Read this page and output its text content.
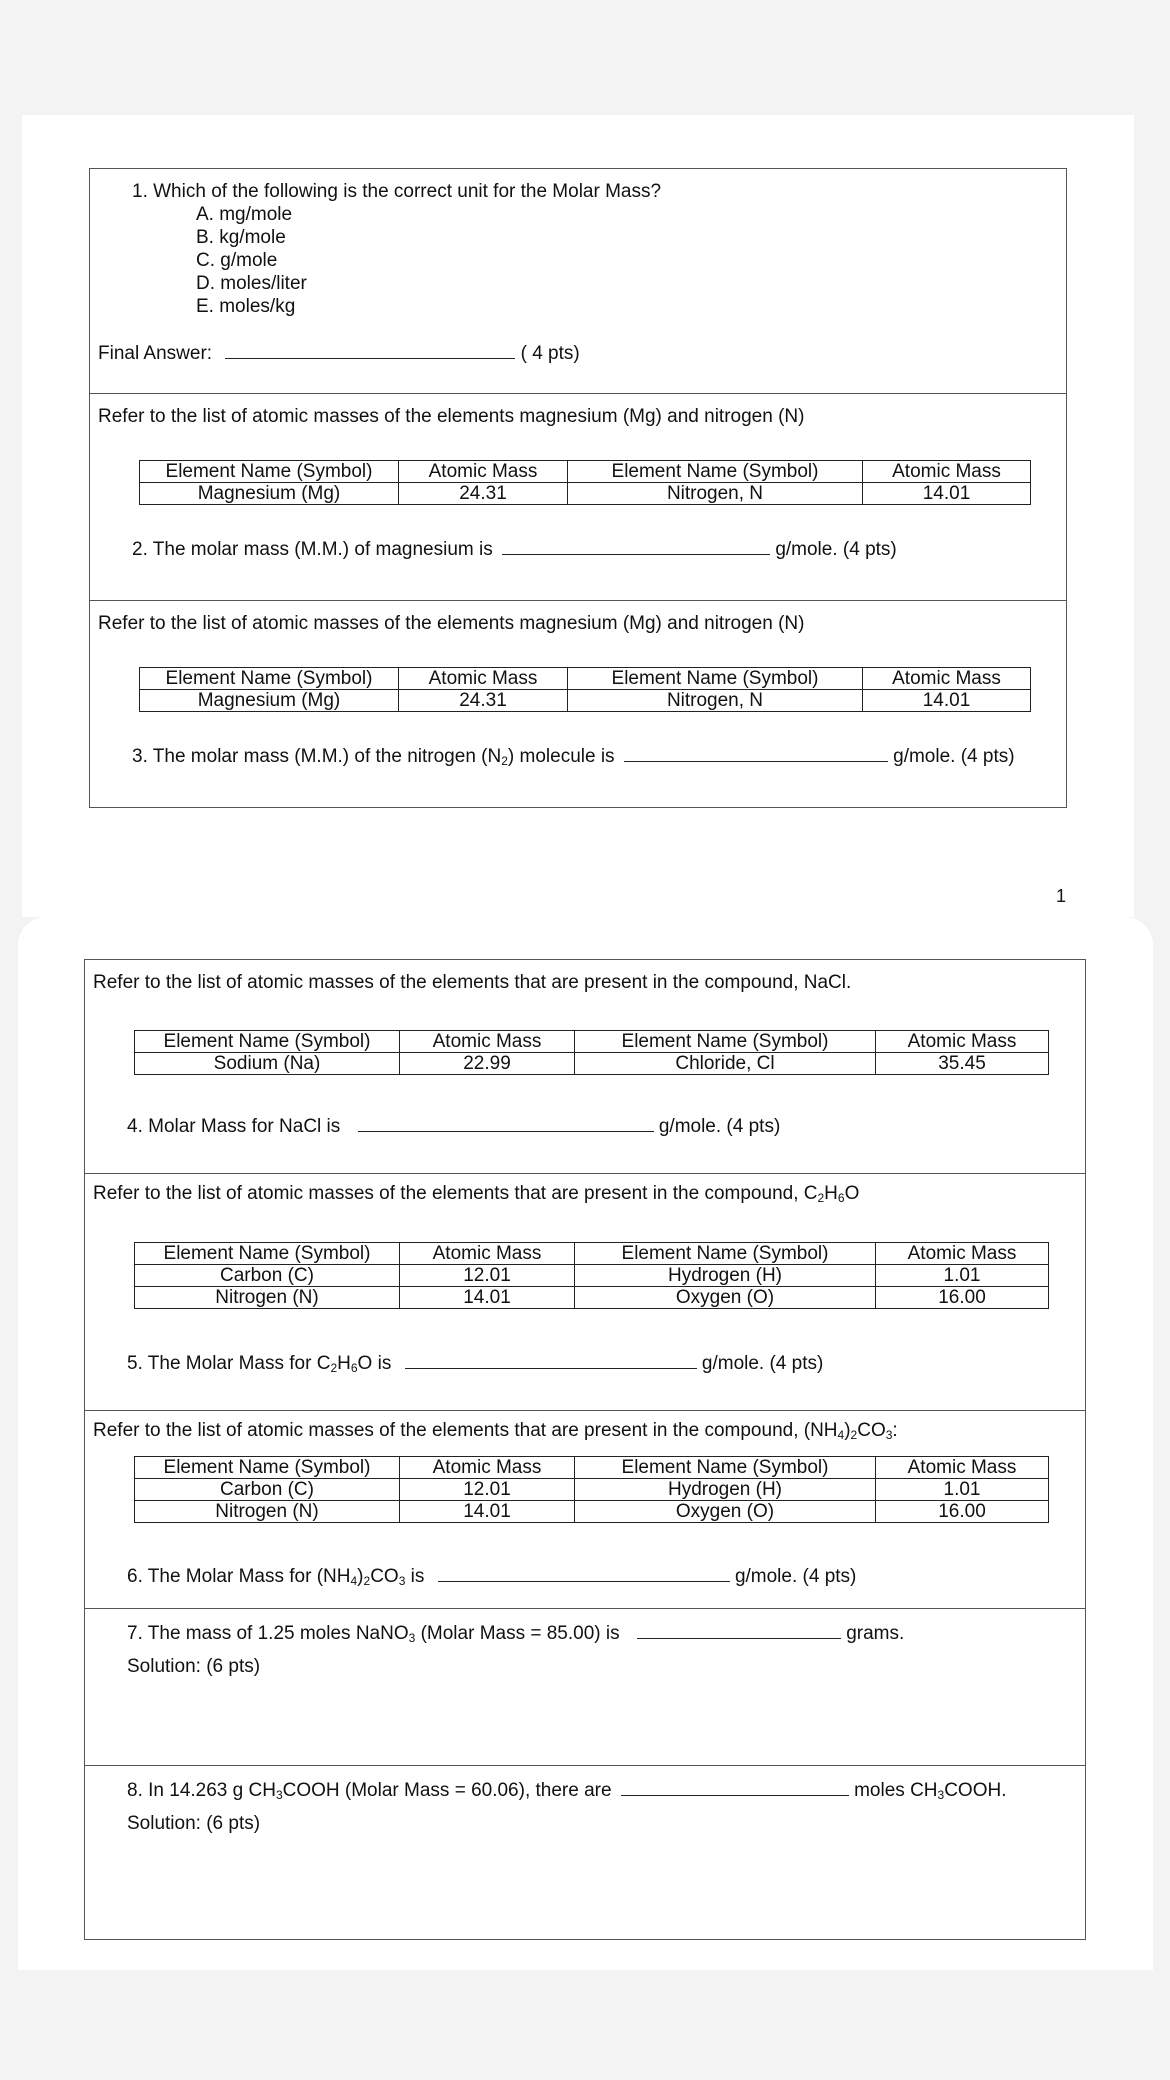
1. Which of the following is the correct unit for the Molar Mass?
A. mg/mole
B. kg/mole
C. g/mole
D. moles/liter
E. moles/kg
Final Answer:	( 4 pts)
Refer to the list of atomic masses of the elements magnesium (Mg) and nitrogen (N)
Element Name (Symbol)	Atomic Mass	Element Name (Symbol)	Atomic Mass
Magnesium (Mg)	24.31	Nitrogen, N	14.01
2. The molar mass (M.M.) of magnesium is	g/mole. (4 pts)
Refer to the list of atomic masses of the elements magnesium (Mg) and nitrogen (N)
Element Name (Symbol)	Atomic Mass	Element Name (Symbol)	Atomic Mass
Magnesium (Mg)	24.31	Nitrogen, N	14.01
3. The molar mass (M.M.) of the nitrogen $(N_2)$ molecule is	g/mole. (4 pts)
1
Refer to the list of atomic masses of the elements that are present in the compound, NaCl.
Element Name (Symbol)	Atomic Mass	Element Name (Symbol)	Atomic Mass
Sodium (Na)	22.99	Chloride, Cl	35.45
4. Molar Mass for NaCl is	g/mole. (4 pts)
Refer to the list of atomic masses of the elements that are present in the compound, $C_2H_6O$
Element Name (Symbol)	Atomic Mass	Element Name (Symbol)	Atomic Mass
Carbon (C)	12.01	Hydrogen (H)	1.01
Nitrogen (N)	14.01	Oxygen (O)	16.00
5. The Molar Mass for $C_2H_6O$ is	g/mole. (4 pts)
Refer to the list of atomic masses of the elements that are present in the compound, $(NH_4)_2CO_3$:
Element Name (Symbol)	Atomic Mass	Element Name (Symbol)	Atomic Mass
Carbon (C)	12.01	Hydrogen (H)	1.01
Nitrogen (N)	14.01	Oxygen (O)	16.00
6. The Molar Mass for $(NH_4)_2CO_3$ is	g/mole. (4 pts)
7. The mass of 1.25 moles NaNO$_3$ (Molar Mass = 85.00) is	grams.
Solution: (6 pts)
8. In 14.263 g $CH_3COOH$ (Molar Mass = 60.06), there are	moles $CH_3COOH$.
Solution: (6 pts)
